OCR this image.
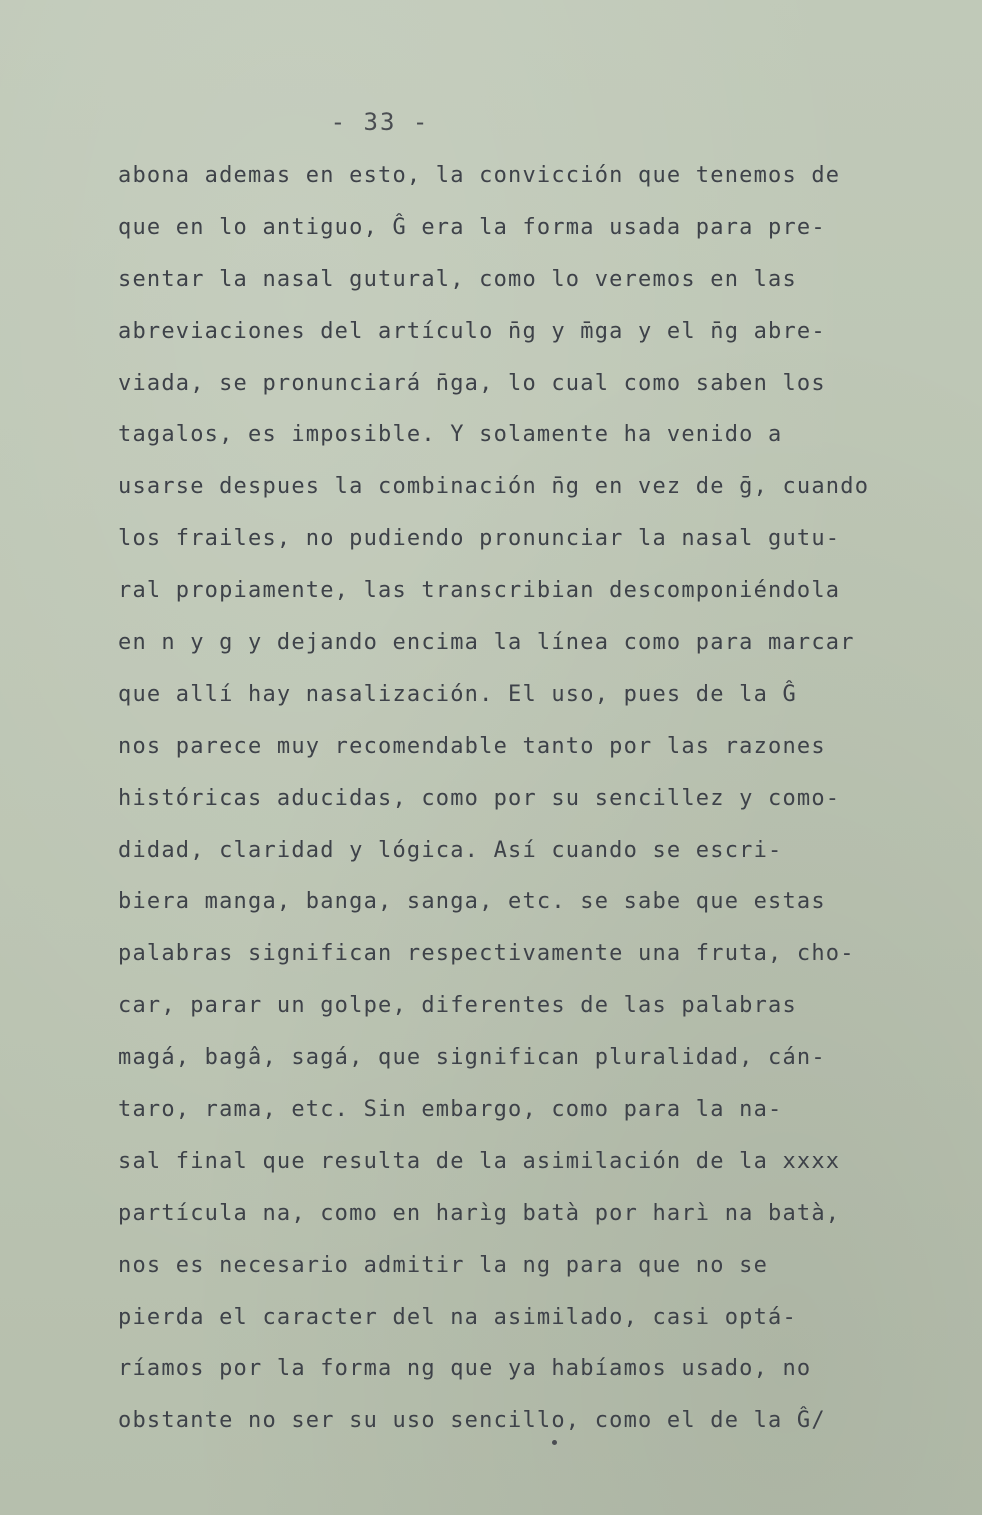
- 33 -
abona ademas en esto, la convicción que tenemos de
que en lo antiguo, Ĝ era la forma usada para pre-
sentar la nasal gutural, como lo veremos en las
abreviaciones del artículo n̄g y m̄ga y el n̄g abre-
viada, se pronunciará n̄ga, lo cual como saben los
tagalos, es imposible. Y solamente ha venido a
usarse despues la combinación n̄g en vez de ḡ, cuando
los frailes, no pudiendo pronunciar la nasal gutu-
ral propiamente, las transcribian descomponiéndola
en n y g y dejando encima la línea como para marcar
que allí hay nasalización. El uso, pues de la Ĝ
nos parece muy recomendable tanto por las razones
históricas aducidas, como por su sencillez y como-
didad, claridad y lógica. Así cuando se escri-
biera manga, banga, sanga, etc. se sabe que estas
palabras significan respectivamente una fruta, cho-
car, parar un golpe, diferentes de las palabras
magá, bagâ, sagá, que significan pluralidad, cán-
taro, rama, etc. Sin embargo, como para la na-
sal final que resulta de la asimilación de la xxxx
partícula na, como en harìg batà por harì na batà,
nos es necesario admitir la ng para que no se
pierda el caracter del na asimilado, casi optá-
ríamos por la forma ng que ya habíamos usado, no
obstante no ser su uso sencillo, como el de la Ĝ/
